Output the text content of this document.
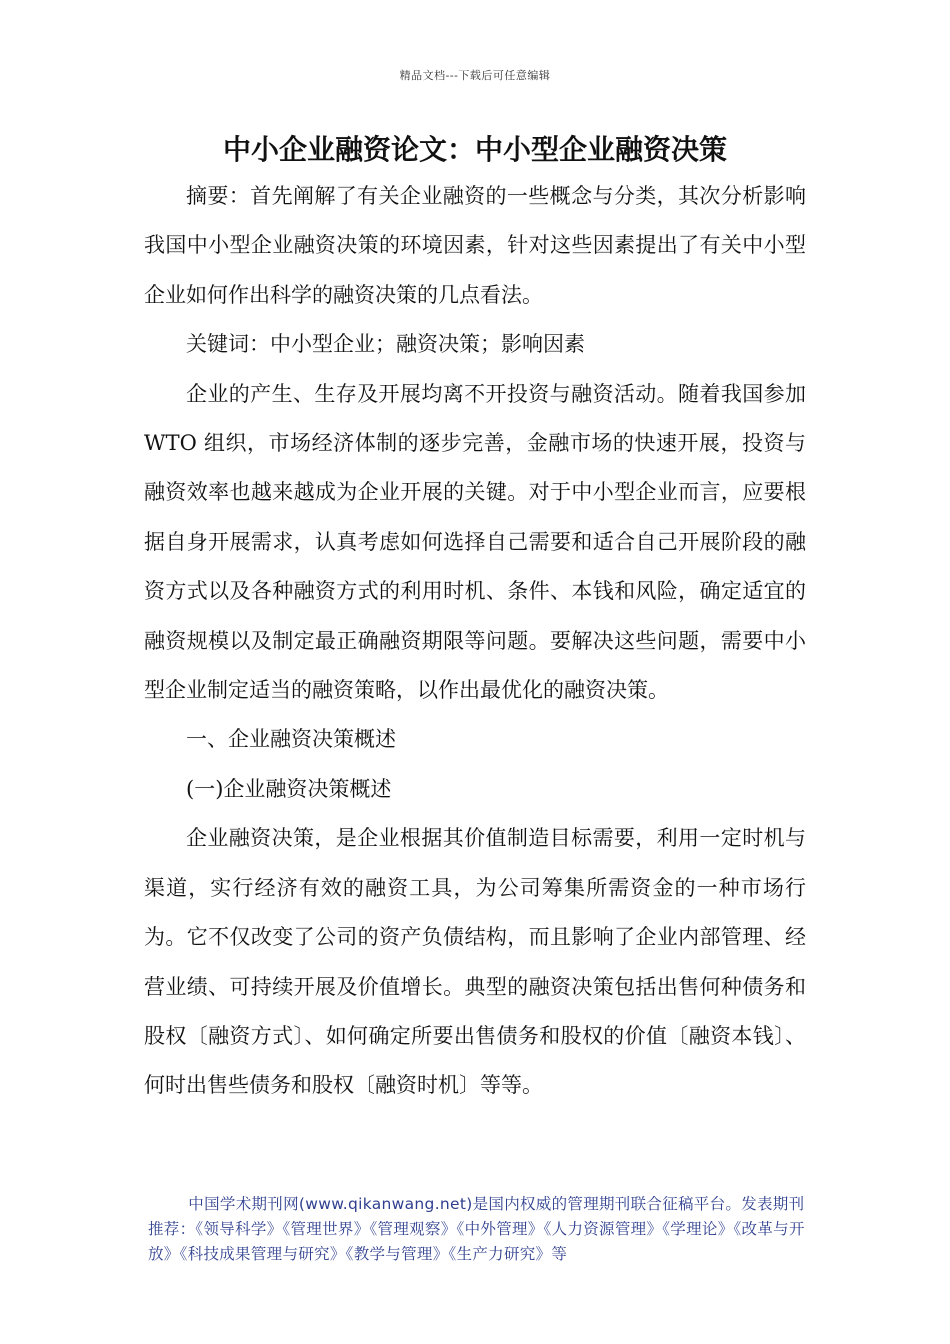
精品文档---下载后可任意编辑
中小企业融资论文：中小型企业融资决策

摘要：首先阐解了有关企业融资的一些概念与分类，其次分析影响我国中小型企业融资决策的环境因素，针对这些因素提出了有关中小型企业如何作出科学的融资决策的几点看法。

关键词：中小型企业；融资决策；影响因素

企业的产生、生存及开展均离不开投资与融资活动。随着我国参加 WTO 组织，市场经济体制的逐步完善，金融市场的快速开展，投资与融资效率也越来越成为企业开展的关键。对于中小型企业而言，应要根据自身开展需求，认真考虑如何选择自己需要和适合自己开展阶段的融资方式以及各种融资方式的利用时机、条件、本钱和风险，确定适宜的融资规模以及制定最正确融资期限等问题。要解决这些问题，需要中小型企业制定适当的融资策略，以作出最优化的融资决策。

一、企业融资决策概述

(一)企业融资决策概述

企业融资决策，是企业根据其价值制造目标需要，利用一定时机与渠道，实行经济有效的融资工具，为公司筹集所需资金的一种市场行为。它不仅改变了公司的资产负债结构，而且影响了企业内部管理、经营业绩、可持续开展及价值增长。典型的融资决策包括出售何种债务和股权〔融资方式〕、如何确定所要出售债务和股权的价值〔融资本钱〕、何时出售些债务和股权〔融资时机〕等等。

中国学术期刊网(www.qikanwang.net)是国内权威的管理期刊联合征稿平台。发表期刊推荐：《领导科学》《管理世界》《管理观察》《中外管理》《人力资源管理》《学理论》《改革与开放》《科技成果管理与研究》《教学与管理》《生产力研究》等
